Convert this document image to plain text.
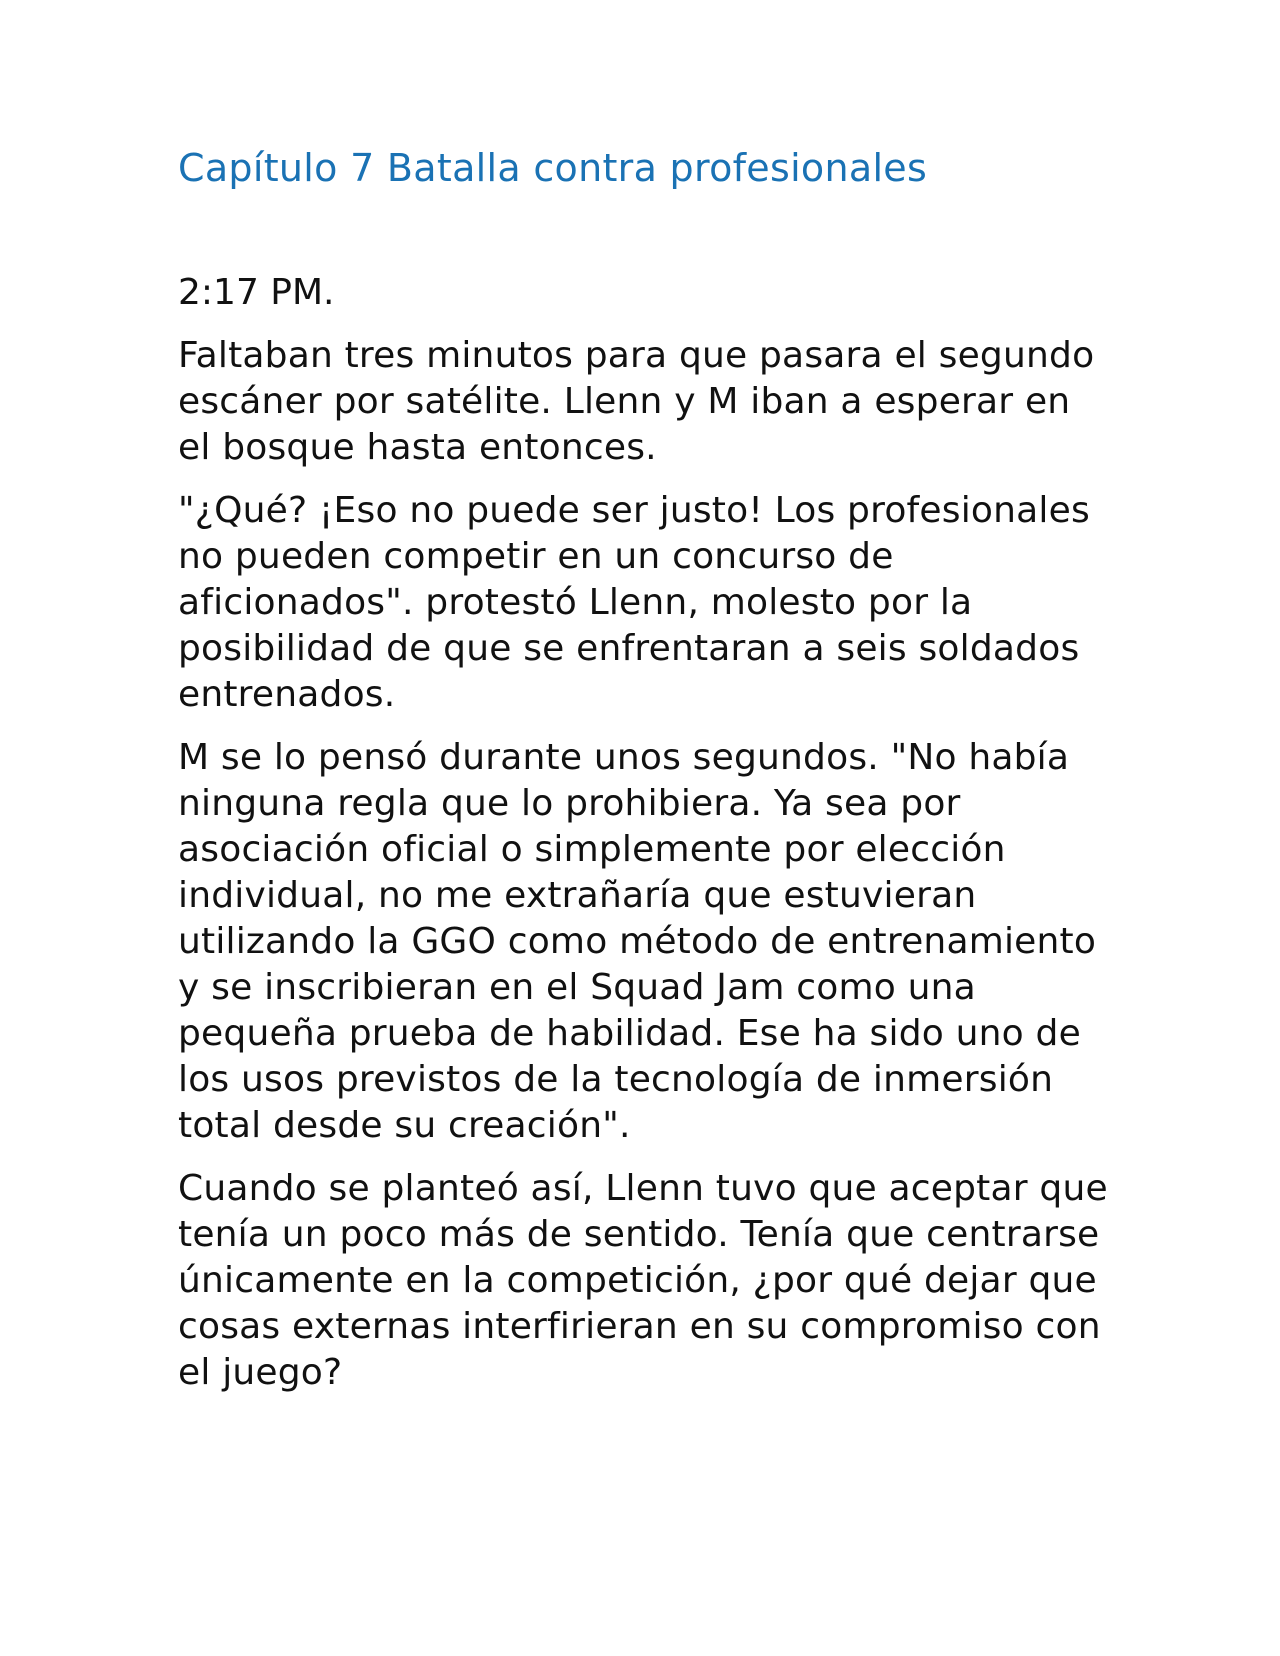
Capítulo 7 Batalla contra profesionales

2:17 PM.

Faltaban tres minutos para que pasara el segundo escáner por satélite. Llenn y M iban a esperar en el bosque hasta entonces.

"¿Qué? ¡Eso no puede ser justo! Los profesionales no pueden competir en un concurso de aficionados". protestó Llenn, molesto por la posibilidad de que se enfrentaran a seis soldados entrenados.

M se lo pensó durante unos segundos. "No había ninguna regla que lo prohibiera. Ya sea por asociación oficial o simplemente por elección individual, no me extrañaría que estuvieran utilizando la GGO como método de entrenamiento y se inscribieran en el Squad Jam como una pequeña prueba de habilidad. Ese ha sido uno de los usos previstos de la tecnología de inmersión total desde su creación".

Cuando se planteó así, Llenn tuvo que aceptar que tenía un poco más de sentido. Tenía que centrarse únicamente en la competición, ¿por qué dejar que cosas externas interfirieran en su compromiso con el juego?
